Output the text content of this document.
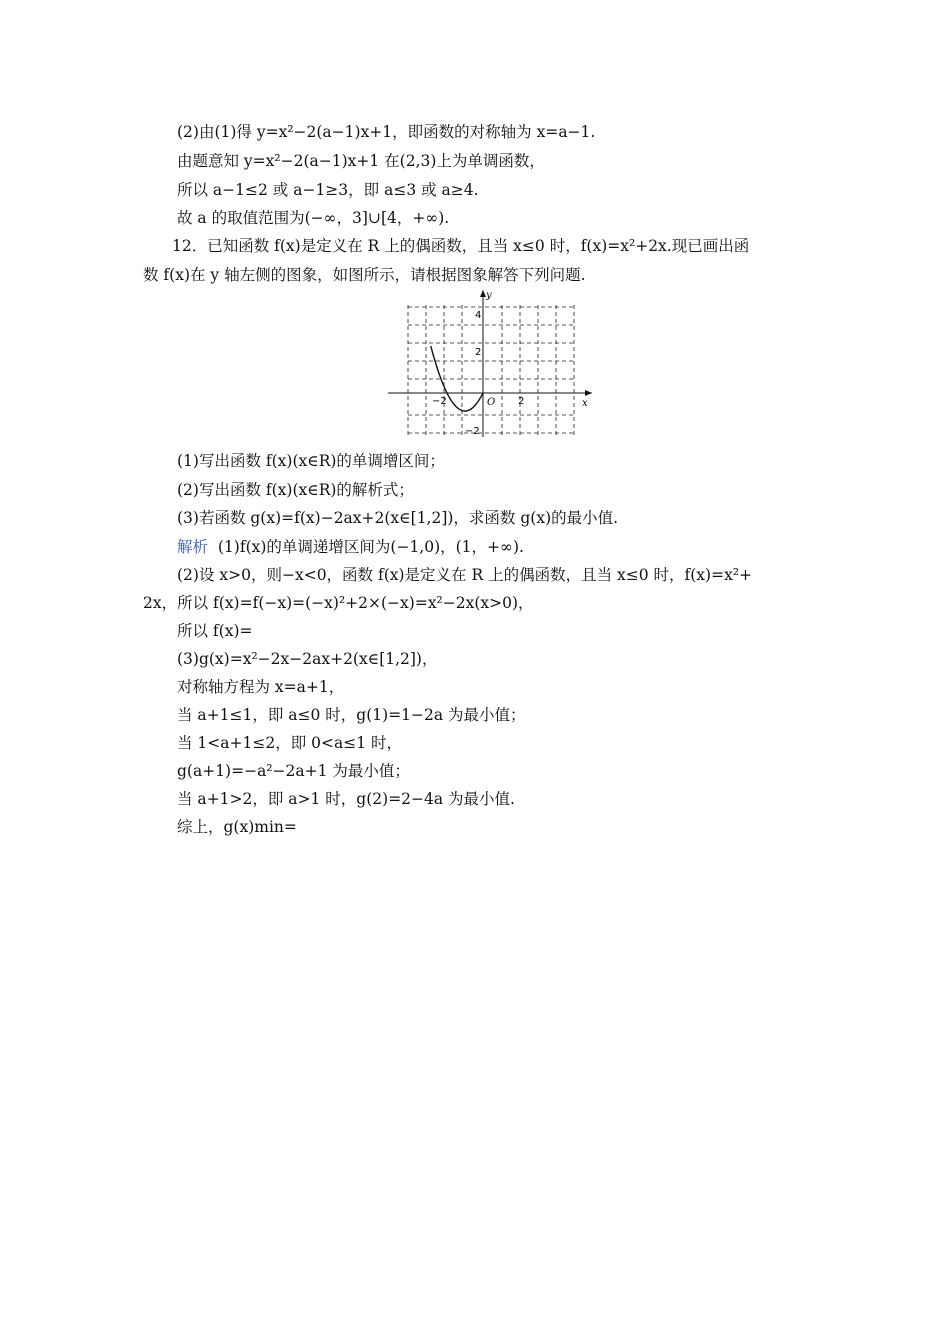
(2)由(1)得 y=x²−2(a−1)x+1，即函数的对称轴为 x=a−1.
由题意知 y=x²−2(a−1)x+1 在(2,3)上为单调函数，
所以 a−1≤2 或 a−1≥3，即 a≤3 或 a≥4.
故 a 的取值范围为(−∞，3]∪[4，+∞).
12．已知函数 f(x)是定义在 R 上的偶函数，且当 x≤0 时，f(x)=x²+2x.现已画出函
数 f(x)在 y 轴左侧的图象，如图所示，请根据图象解答下列问题.
x
y
O
−2	2
4
2
−2
(1)写出函数 f(x)(x∈R)的单调增区间；
(2)写出函数 f(x)(x∈R)的解析式；
(3)若函数 g(x)=f(x)−2ax+2(x∈[1,2])，求函数 g(x)的最小值.
解析 (1)f(x)的单调递增区间为(−1,0)，(1，+∞).
(2)设 x>0，则−x<0，函数 f(x)是定义在 R 上的偶函数，且当 x≤0 时，f(x)=x²+
2x，所以 f(x)=f(−x)=(−x)²+2×(−x)=x²−2x(x>0)，
所以 f(x)=
(3)g(x)=x²−2x−2ax+2(x∈[1,2])，
对称轴方程为 x=a+1，
当 a+1≤1，即 a≤0 时，g(1)=1−2a 为最小值；
当 1<a+1≤2，即 0<a≤1 时，
g(a+1)=−a²−2a+1 为最小值；
当 a+1>2，即 a>1 时，g(2)=2−4a 为最小值.
综上，g(x)min=
